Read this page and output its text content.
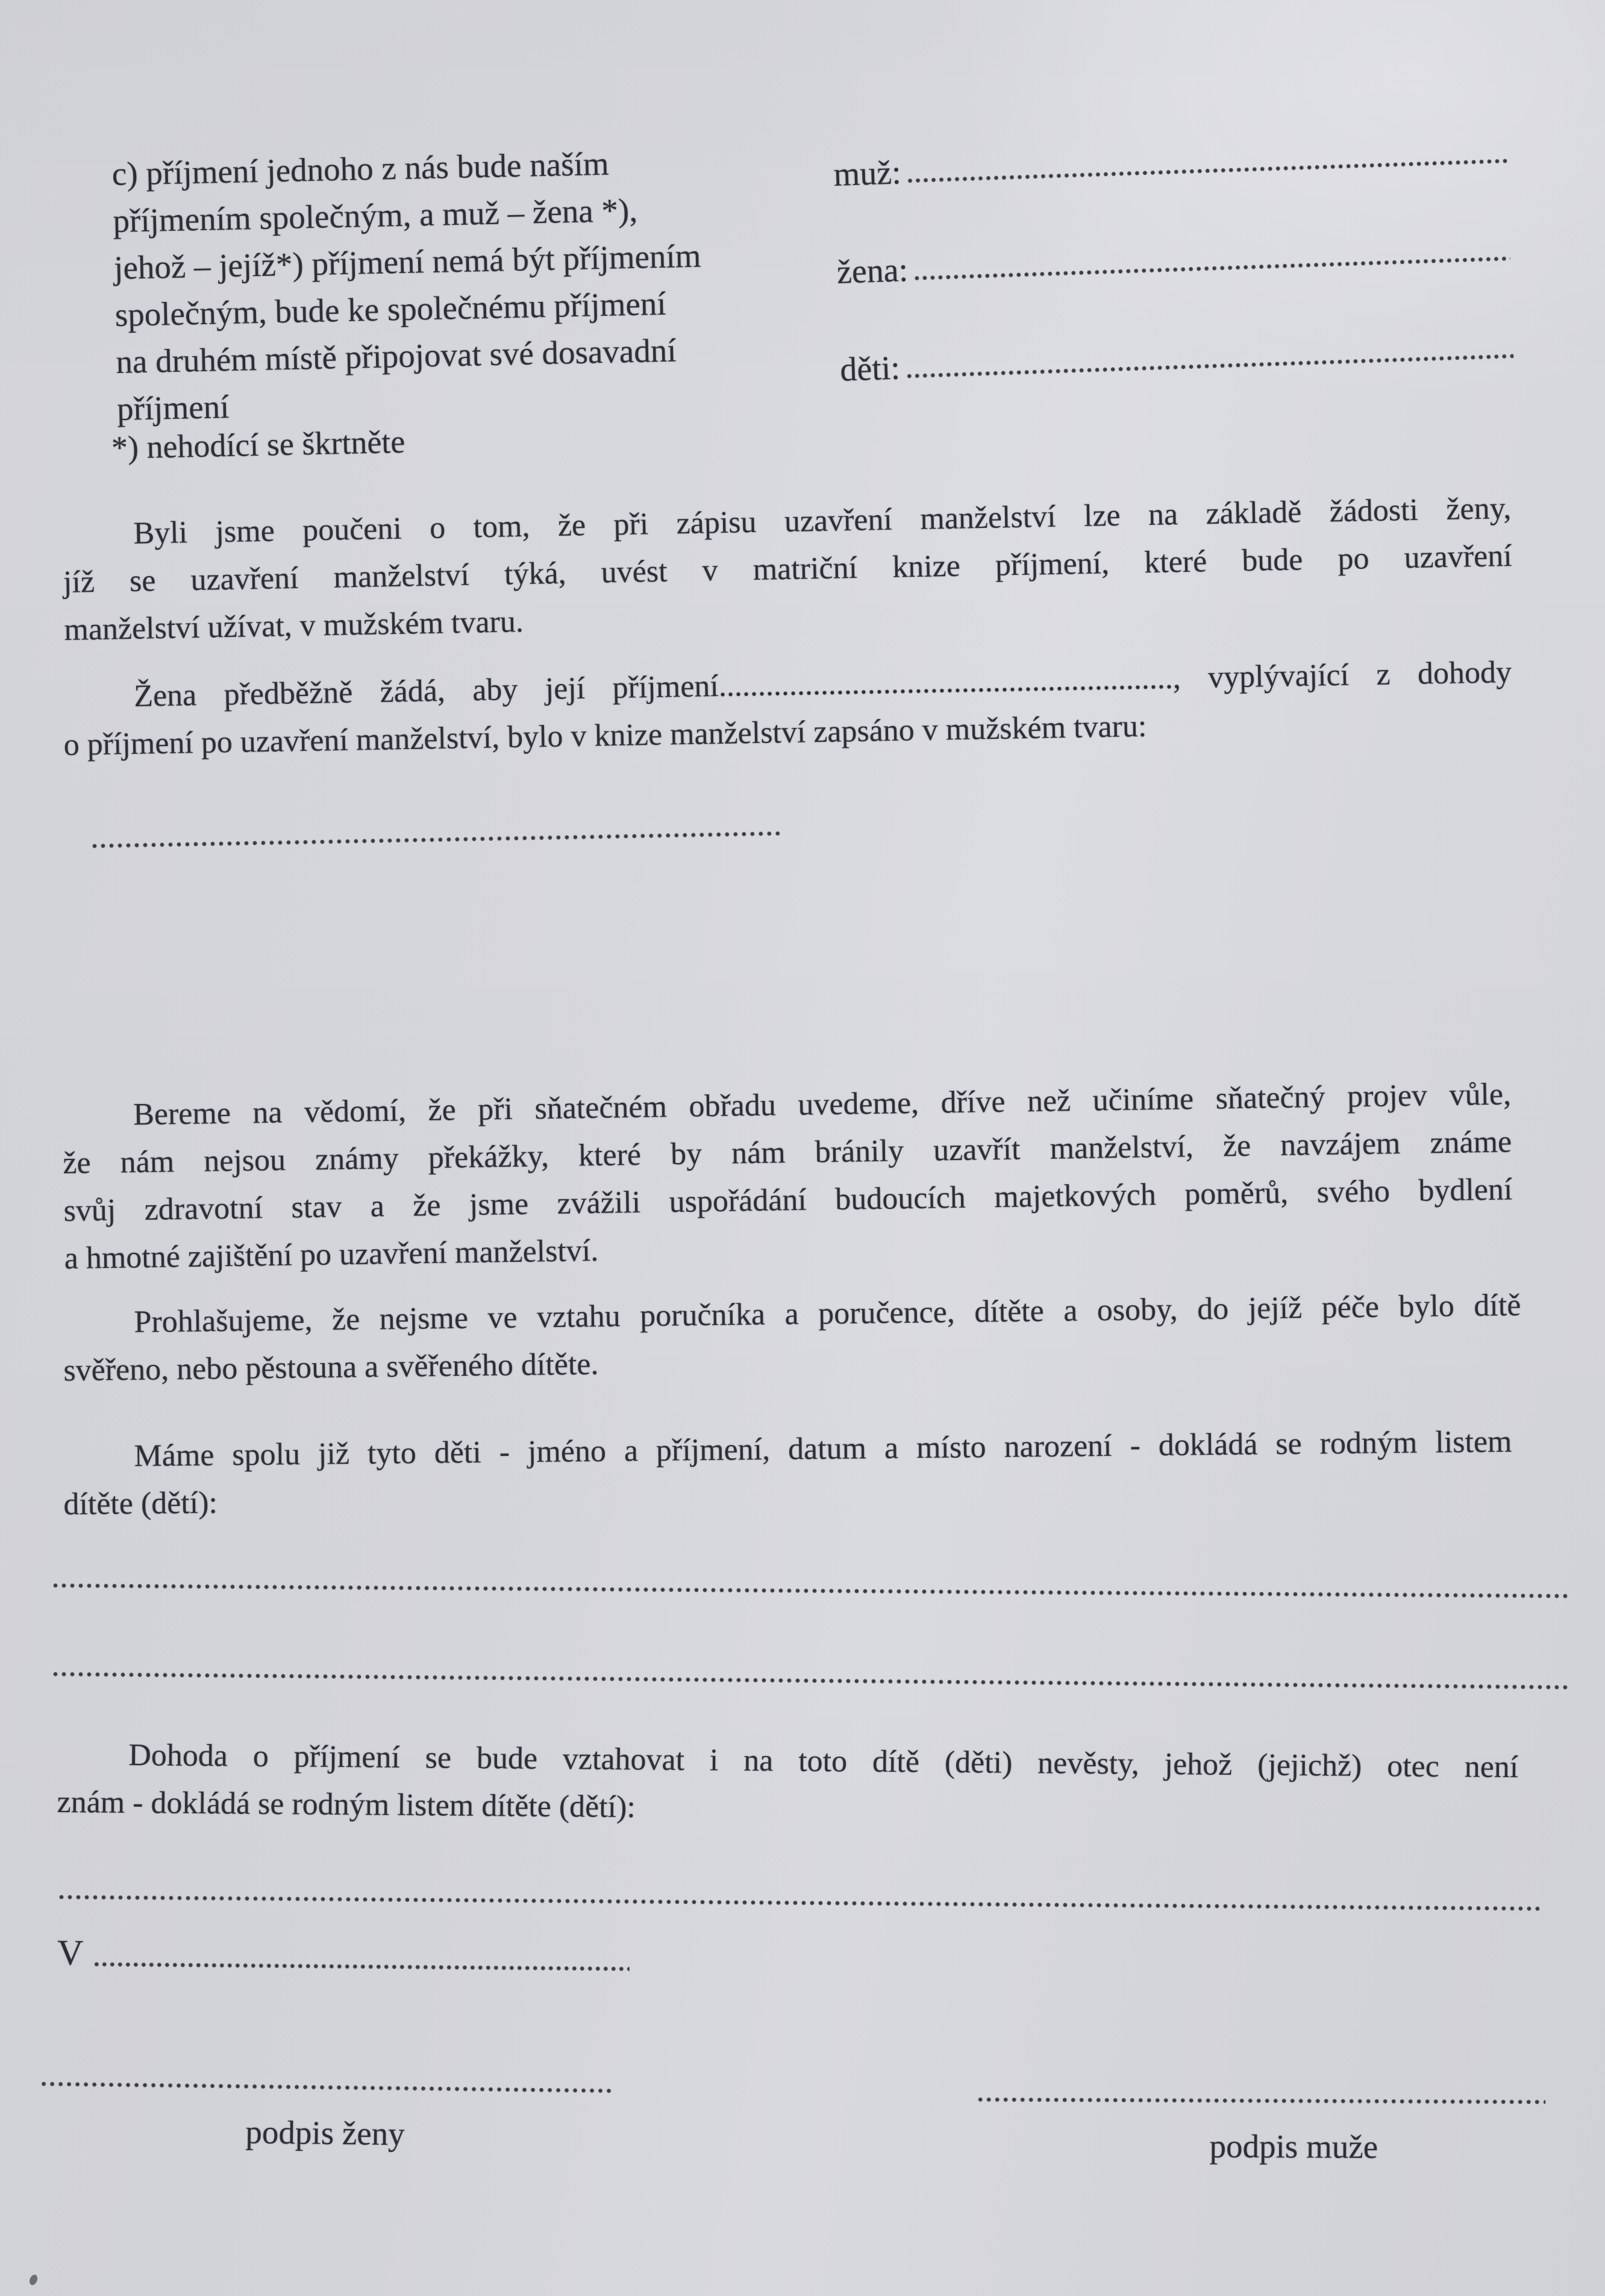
c) příjmení jednoho z nás bude naším
příjmením společným, a muž – žena *),
jehož – jejíž*) příjmení nemá být příjmením
společným, bude ke společnému příjmení
na druhém místě připojovat své dosavadní
příjmení
muž:
žena:
děti:
*) nehodící se škrtněte
Byli jsme poučeni o tom, že při zápisu uzavření manželství lze na základě žádosti ženy,
jíž se uzavření manželství týká, uvést v matriční knize příjmení, které bude po uzavření
manželství užívat, v mužském tvaru.
Žena předběžně žádá, aby její příjmení.........................................................., vyplývající z dohody
o příjmení po uzavření manželství, bylo v knize manželství zapsáno v mužském tvaru:
Bereme na vědomí, že při sňatečném obřadu uvedeme, dříve než učiníme sňatečný projev vůle,
že nám nejsou známy překážky, které by nám bránily uzavřít manželství, že navzájem známe
svůj zdravotní stav a že jsme zvážili uspořádání budoucích majetkových poměrů, svého bydlení
a hmotné zajištění po uzavření manželství.
Prohlašujeme, že nejsme ve vztahu poručníka a poručence, dítěte a osoby, do jejíž péče bylo dítě
svěřeno, nebo pěstouna a svěřeného dítěte.
Máme spolu již tyto děti - jméno a příjmení, datum a místo narození - dokládá se rodným listem
dítěte (dětí):
Dohoda o příjmení se bude vztahovat i na toto dítě (děti) nevěsty, jehož (jejichž) otec není
znám - dokládá se rodným listem dítěte (dětí):
V
podpis ženy	podpis muže
